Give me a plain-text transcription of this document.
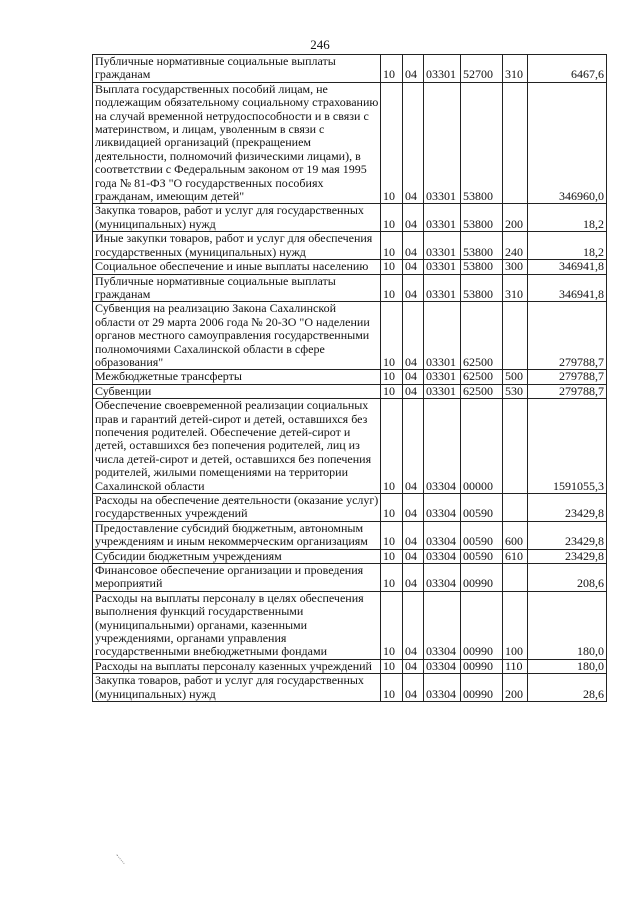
246
Публичные нормативные социальные выплаты гражданам	10	04	03301	52700	310	6467,6
Выплата государственных пособий лицам, не подлежащим обязательному социальному страхованию на случай временной нетрудоспособности и в связи с материнством, и лицам, уволенным в связи с ликвидацией организаций (прекращением деятельности, полномочий физическими лицами), в соответствии с Федеральным законом от 19 мая 1995 года № 81-ФЗ "О государственных пособиях гражданам, имеющим детей"	10	04	03301	53800		346960,0
Закупка товаров, работ и услуг для государственных (муниципальных) нужд	10	04	03301	53800	200	18,2
Иные закупки товаров, работ и услуг для обеспечения государственных (муниципальных) нужд	10	04	03301	53800	240	18,2
Социальное обеспечение и иные выплаты населению	10	04	03301	53800	300	346941,8
Публичные нормативные социальные выплаты гражданам	10	04	03301	53800	310	346941,8
Субвенция на реализацию Закона Сахалинской области от 29 марта 2006 года № 20-ЗО "О наделении органов местного самоуправления государственными полномочиями Сахалинской области в сфере образования"	10	04	03301	62500		279788,7
Межбюджетные трансферты	10	04	03301	62500	500	279788,7
Субвенции	10	04	03301	62500	530	279788,7
Обеспечение своевременной реализации социальных прав и гарантий детей-сирот и детей, оставшихся без попечения родителей. Обеспечение детей-сирот и детей, оставшихся без попечения родителей, лиц из числа детей-сирот и детей, оставшихся без попечения родителей, жилыми помещениями на территории Сахалинской области	10	04	03304	00000		1591055,3
Расходы на обеспечение деятельности (оказание услуг) государственных учреждений	10	04	03304	00590		23429,8
Предоставление субсидий бюджетным, автономным учреждениям и иным некоммерческим организациям	10	04	03304	00590	600	23429,8
Субсидии бюджетным учреждениям	10	04	03304	00590	610	23429,8
Финансовое обеспечение организации и проведения мероприятий	10	04	03304	00990		208,6
Расходы на выплаты персоналу в целях обеспечения выполнения функций государственными (муниципальными) органами, казенными учреждениями, органами управления государственными внебюджетными фондами	10	04	03304	00990	100	180,0
Расходы на выплаты персоналу казенных учреждений	10	04	03304	00990	110	180,0
Закупка товаров, работ и услуг для государственных (муниципальных) нужд	10	04	03304	00990	200	28,6
